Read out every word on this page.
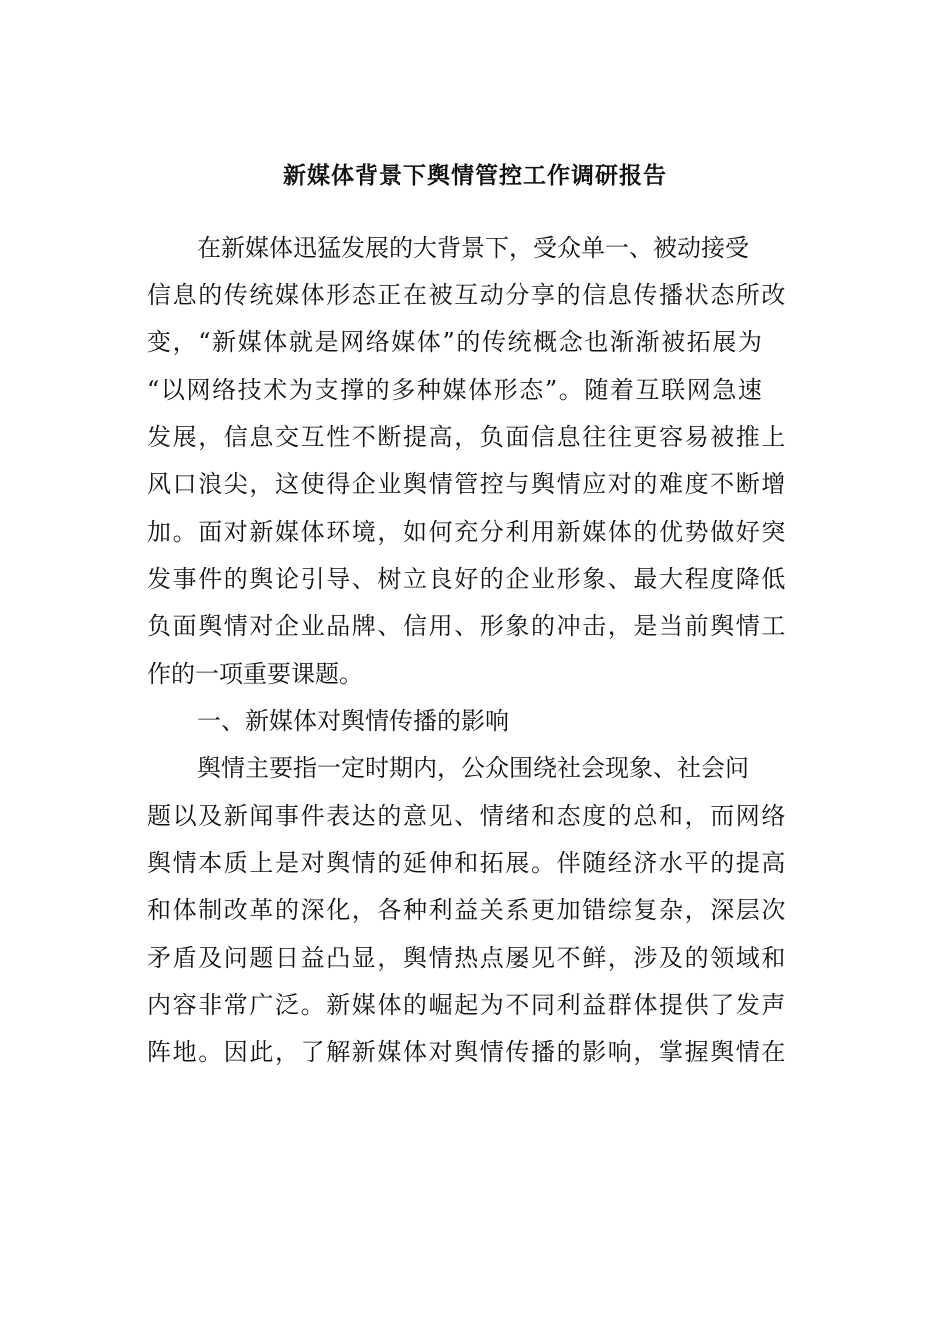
新媒体背景下舆情管控工作调研报告

在新媒体迅猛发展的大背景下，受众单一、被动接受

信息的传统媒体形态正在被互动分享的信息传播状态所改

变，“新媒体就是网络媒体”的传统概念也渐渐被拓展为

“以网络技术为支撑的多种媒体形态”。随着互联网急速

发展，信息交互性不断提高，负面信息往往更容易被推上

风口浪尖，这使得企业舆情管控与舆情应对的难度不断增

加。面对新媒体环境，如何充分利用新媒体的优势做好突

发事件的舆论引导、树立良好的企业形象、最大程度降低

负面舆情对企业品牌、信用、形象的冲击，是当前舆情工

作的一项重要课题。

一、新媒体对舆情传播的影响

舆情主要指一定时期内，公众围绕社会现象、社会问

题以及新闻事件表达的意见、情绪和态度的总和，而网络

舆情本质上是对舆情的延伸和拓展。伴随经济水平的提高

和体制改革的深化，各种利益关系更加错综复杂，深层次

矛盾及问题日益凸显，舆情热点屡见不鲜，涉及的领域和

内容非常广泛。新媒体的崛起为不同利益群体提供了发声

阵地。因此，了解新媒体对舆情传播的影响，掌握舆情在
